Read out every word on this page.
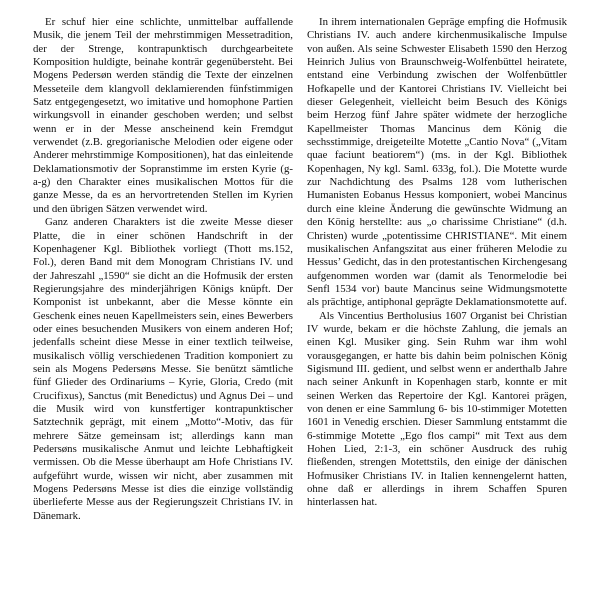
Er schuf hier eine schlichte, unmittelbar auffallende Musik, die jenem Teil der mehrstimmigen Messetradition, der der Strenge, kontrapunktisch durchgearbeitete Komposition huldigte, beinahe konträr gegenübersteht. Bei Mogens Pedersøn werden ständig die Texte der einzelnen Messeteile dem klangvoll deklamierenden fünfstimmigen Satz entgegengesetzt, wo imitative und homophone Partien wirkungsvoll in einander geschoben werden; und selbst wenn er in der Messe anscheinend kein Fremdgut verwendet (z.B. gregorianische Melodien oder eigene oder Anderer mehrstimmige Kompositionen), hat das einleitende Deklamationsmotiv der Sopranstimme im ersten Kyrie (g-a-g) den Charakter eines musikalischen Mottos für die ganze Messe, da es an hervortretenden Stellen im Kyrien und den übrigen Sätzen verwendet wird.

Ganz anderen Charakters ist die zweite Messe dieser Platte, die in einer schönen Handschrift in der Kopenhagener Kgl. Bibliothek vorliegt (Thott ms.152, Fol.), deren Band mit dem Monogram Christians IV. und der Jahreszahl „1590“ sie dicht an die Hofmusik der ersten Regierungsjahre des minderjährigen Königs knüpft. Der Komponist ist unbekannt, aber die Messe könnte ein Geschenk eines neuen Kapellmeisters sein, eines Bewerbers oder eines besuchenden Musikers von einem anderen Hof; jedenfalls scheint diese Messe in einer textlich teilweise, musikalisch völlig verschiedenen Tradition komponiert zu sein als Mogens Pedersøns Messe. Sie benützt sämtliche fünf Glieder des Ordinariums – Kyrie, Gloria, Credo (mit Crucifixus), Sanctus (mit Benedictus) und Agnus Dei – und die Musik wird von kunstfertiger kontrapunktischer Satztechnik geprägt, mit einem „Motto“-Motiv, das für mehrere Sätze gemeinsam ist; allerdings kann man Pedersøns musikalische Anmut und leichte Lebhaftigkeit vermissen. Ob die Messe überhaupt am Hofe Christians IV. aufgeführt wurde, wissen wir nicht, aber zusammen mit Mogens Pedersøns Messe ist dies die einzige vollständig überlieferte Messe aus der Regierungszeit Christians IV. in Dänemark.

In ihrem internationalen Gepräge empfing die Hofmusik Christians IV. auch andere kirchenmusikalische Impulse von außen. Als seine Schwester Elisabeth 1590 den Herzog Heinrich Julius von Braunschweig-Wolfenbüttel heiratete, entstand eine Verbindung zwischen der Wolfenbüttler Hofkapelle und der Kantorei Christians IV. Vielleicht bei dieser Gelegenheit, vielleicht beim Besuch des Königs beim Herzog fünf Jahre später widmete der herzogliche Kapellmeister Thomas Mancinus dem König die sechsstimmige, dreigeteilte Motette „Cantio Nova“ („Vitam quae faciunt beatiorem“) (ms. in der Kgl. Bibliothek Kopenhagen, Ny kgl. Saml. 633g, fol.). Die Motette wurde zur Nachdichtung des Psalms 128 vom lutherischen Humanisten Eobanus Hessus komponiert, wobei Mancinus durch eine kleine Änderung die gewünschte Widmung an den König herstellte: aus „o charissime Christiane“ (d.h. Christen) wurde „potentissime CHRISTIANE“. Mit einem musikalischen Anfangszitat aus einer früheren Melodie zu Hessus’ Gedicht, das in den protestantischen Kirchengesang aufgenommen worden war (damit als Tenormelodie bei Senfl 1534 vor) baute Mancinus seine Widmungsmotette als prächtige, antiphonal geprägte Deklamationsmotette auf.

Als Vincentius Bertholusius 1607 Organist bei Christian IV wurde, bekam er die höchste Zahlung, die jemals an einen Kgl. Musiker ging. Sein Ruhm war ihm wohl vorausgegangen, er hatte bis dahin beim polnischen König Sigismund III. gedient, und selbst wenn er anderthalb Jahre nach seiner Ankunft in Kopenhagen starb, konnte er mit seinen Werken das Repertoire der Kgl. Kantorei prägen, von denen er eine Sammlung 6- bis 10-stimmiger Motetten 1601 in Venedig erschien. Dieser Sammlung entstammt die 6-stimmige Motette „Ego flos campi“ mit Text aus dem Hohen Lied, 2:1-3, ein schöner Ausdruck des ruhig fließenden, strengen Motettstils, den einige der dänischen Hofmusiker Christians IV. in Italien kennengelernt hatten, ohne daß er allerdings in ihrem Schaffen Spuren hinterlassen hat.
